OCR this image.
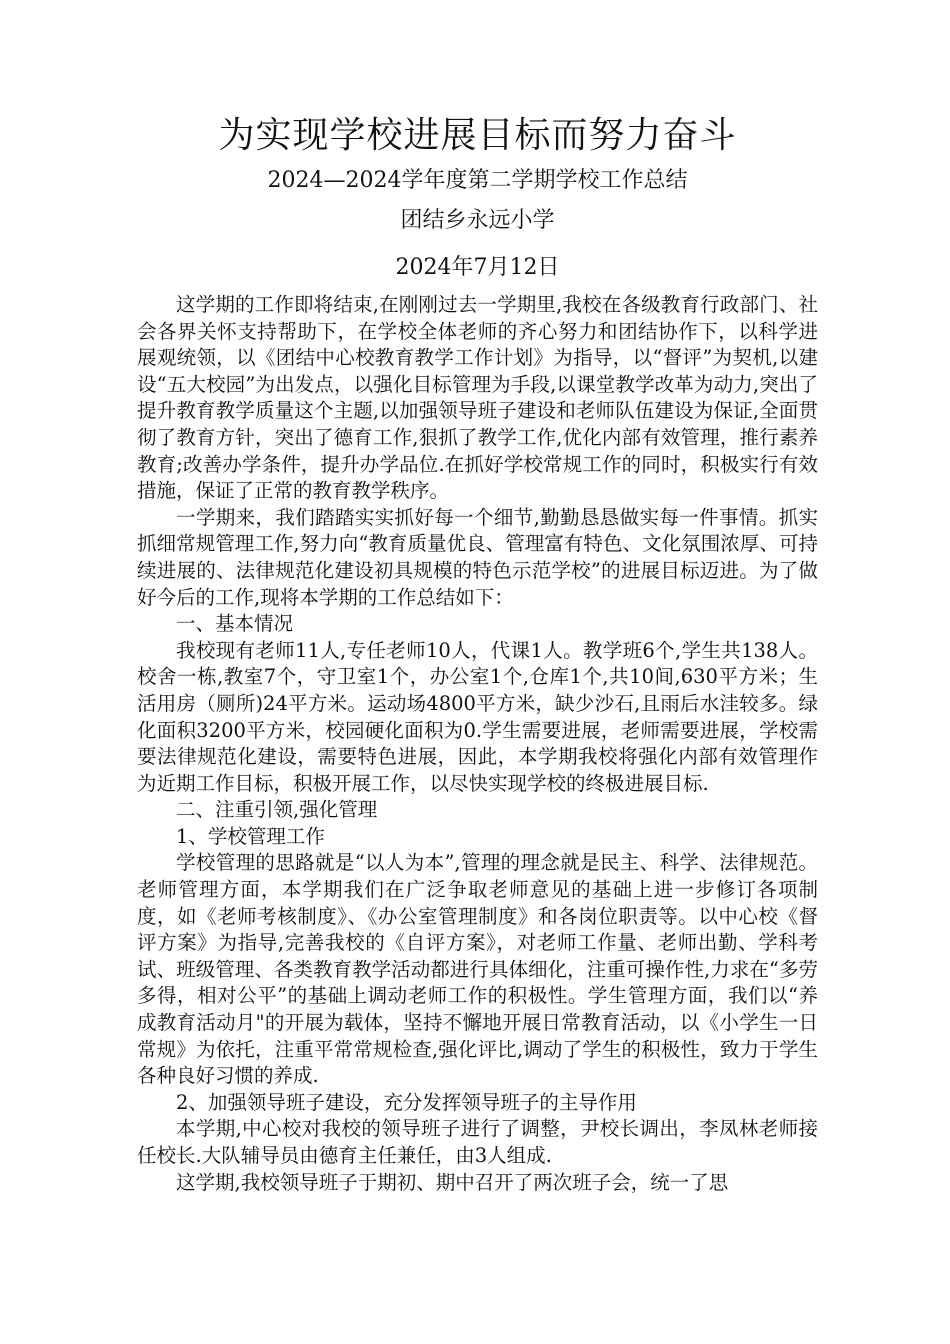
为实现学校进展目标而努力奋斗
2024—2024学年度第二学期学校工作总结
团结乡永远小学
2024年7月12日

这学期的工作即将结束,在刚刚过去一学期里,我校在各级教育行政部门、社会各界关怀支持帮助下，在学校全体老师的齐心努力和团结协作下，以科学进展观统领，以《团结中心校教育教学工作计划》为指导，以“督评”为契机,以建设“五大校园”为出发点，以强化目标管理为手段,以课堂教学改革为动力,突出了提升教育教学质量这个主题,以加强领导班子建设和老师队伍建设为保证,全面贯彻了教育方针，突出了德育工作,狠抓了教学工作,优化内部有效管理，推行素养教育;改善办学条件，提升办学品位.在抓好学校常规工作的同时，积极实行有效措施，保证了正常的教育教学秩序。

一学期来，我们踏踏实实抓好每一个细节,勤勤恳恳做实每一件事情。抓实抓细常规管理工作,努力向“教育质量优良、管理富有特色、文化氛围浓厚、可持续进展的、法律规范化建设初具规模的特色示范学校”的进展目标迈进。为了做好今后的工作,现将本学期的工作总结如下：

一、基本情况

我校现有老师11人,专任老师10人，代课1人。教学班6个,学生共138人。校舍一栋,教室7个，守卫室1个，办公室1个,仓库1个,共10间,630平方米；生活用房（厕所)24平方米。运动场4800平方米，缺少沙石,且雨后水洼较多。绿化面积3200平方米，校园硬化面积为0.学生需要进展，老师需要进展，学校需要法律规范化建设，需要特色进展，因此，本学期我校将强化内部有效管理作为近期工作目标，积极开展工作，以尽快实现学校的终极进展目标.

二、注重引领,强化管理

1、学校管理工作

学校管理的思路就是“以人为本”,管理的理念就是民主、科学、法律规范。老师管理方面，本学期我们在广泛争取老师意见的基础上进一步修订各项制度，如《老师考核制度》、《办公室管理制度》和各岗位职责等。以中心校《督评方案》为指导,完善我校的《自评方案》，对老师工作量、老师出勤、学科考试、班级管理、各类教育教学活动都进行具体细化，注重可操作性,力求在“多劳多得，相对公平”的基础上调动老师工作的积极性。学生管理方面，我们以“养成教育活动月"的开展为载体，坚持不懈地开展日常教育活动，以《小学生一日常规》为依托，注重平常常规检查,强化评比,调动了学生的积极性，致力于学生各种良好习惯的养成.

2、加强领导班子建设，充分发挥领导班子的主导作用

本学期,中心校对我校的领导班子进行了调整，尹校长调出，李凤林老师接任校长.大队辅导员由德育主任兼任，由3人组成.

这学期,我校领导班子于期初、期中召开了两次班子会，统一了思
